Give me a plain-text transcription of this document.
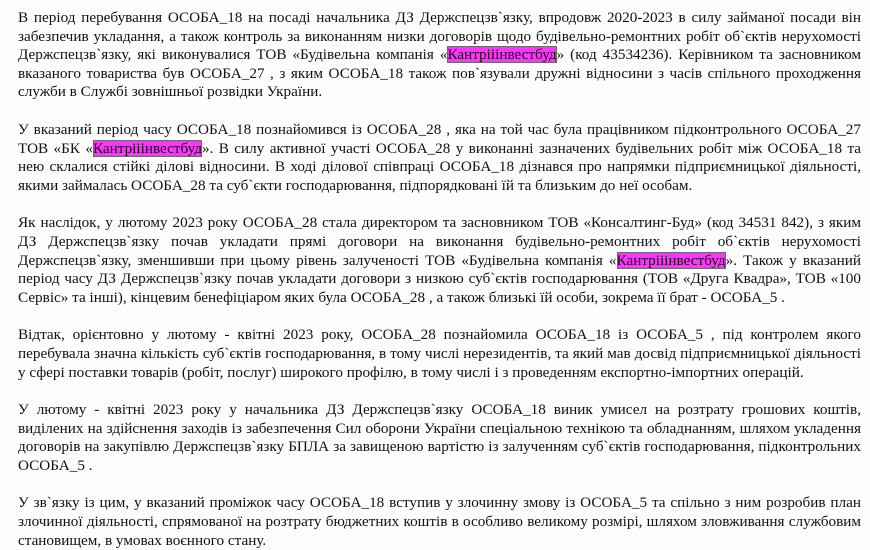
В період перебування ОСОБА_18 на посаді начальника ДЗ Держспецзв`язку, впродовж 2020-2023 в силу займаної посади він забезпечив укладання, а також контроль за виконанням низки договорів щодо будівельно-ремонтних робіт об`єктів нерухомості Держспецзв`язку, які виконувалися ТОВ «Будівельна компанія «Кантрііінвестбуд» (код 43534236). Керівником та засновником вказаного товариства був ОСОБА_27 , з яким ОСОБА_18 також пов`язували дружні відносини з часів спільного проходження служби в Службі зовнішньої розвідки України.

У вказаний період часу ОСОБА_18 познайомився із ОСОБА_28 , яка на той час була працівником підконтрольного ОСОБА_27 ТОВ «БК «Кантрііінвестбуд». В силу активної участі ОСОБА_28 у виконанні зазначених будівельних робіт між ОСОБА_18 та нею склалися стійкі ділові відносини. В ході ділової співпраці ОСОБА_18 дізнався про напрямки підприємницької діяльності, якими займалась ОСОБА_28 та суб`єкти господарювання, підпорядковані їй та близьким до неї особам.

Як наслідок, у лютому 2023 року ОСОБА_28 стала директором та засновником ТОВ «Консалтинг-Буд» (код 34531 842), з яким ДЗ Держспецзв`язку почав укладати прямі договори на виконання будівельно-ремонтних робіт об`єктів нерухомості Держспецзв`язку, зменшивши при цьому рівень залученості ТОВ «Будівельна компанія «Кантрііінвестбуд». Також у вказаний період часу ДЗ Держспецзв`язку почав укладати договори з низкою суб`єктів господарювання (ТОВ «Друга Квадра», ТОВ «100 Сервіс» та інші), кінцевим бенефіціаром яких була ОСОБА_28 , а також близькі їй особи, зокрема її брат - ОСОБА_5 .

Відтак, орієнтовно у лютому - квітні 2023 року, ОСОБА_28 познайомила ОСОБА_18 із ОСОБА_5 , під контролем якого перебувала значна кількість суб`єктів господарювання, в тому числі нерезидентів, та який мав досвід підприємницької діяльності у сфері поставки товарів (робіт, послуг) широкого профілю, в тому числі і з проведенням експортно-імпортних операцій.

У лютому - квітні 2023 року у начальника ДЗ Держспецзв`язку ОСОБА_18 виник умисел на розтрату грошових коштів, виділених на здійснення заходів із забезпечення Сил оборони України спеціальною технікою та обладнанням, шляхом укладення договорів на закупівлю Держспецзв`язку БПЛА за завищеною вартістю із залученням суб`єктів господарювання, підконтрольних ОСОБА_5 .

У зв`язку із цим, у вказаний проміжок часу ОСОБА_18 вступив у злочинну змову із ОСОБА_5 та спільно з ним розробив план злочинної діяльності, спрямованої на розтрату бюджетних коштів в особливо великому розмірі, шляхом зловживання службовим становищем, в умовах воєнного стану.
